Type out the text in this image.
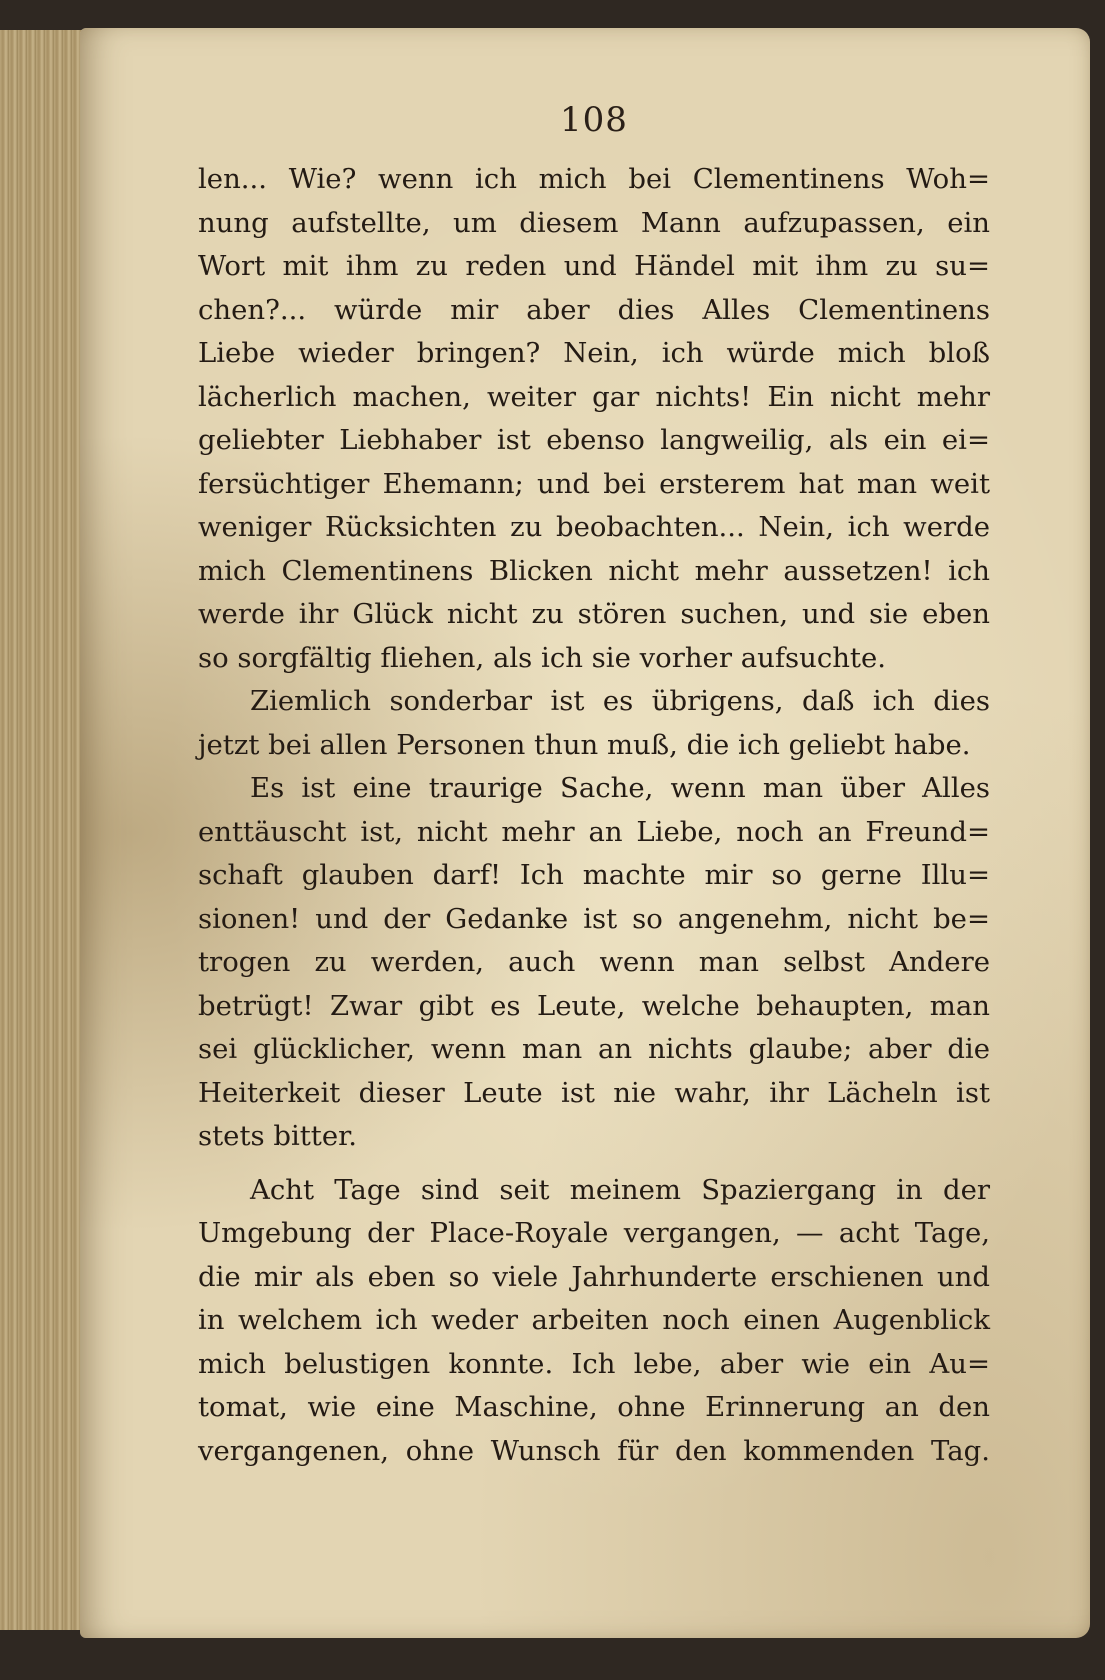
108
len... Wie? wenn ich mich bei Clementinens Woh=
nung aufstellte, um diesem Mann aufzupassen, ein
Wort mit ihm zu reden und Händel mit ihm zu su=
chen?... würde mir aber dies Alles Clementinens
Liebe wieder bringen? Nein, ich würde mich bloß
lächerlich machen, weiter gar nichts! Ein nicht mehr
geliebter Liebhaber ist ebenso langweilig, als ein ei=
fersüchtiger Ehemann; und bei ersterem hat man weit
weniger Rücksichten zu beobachten... Nein, ich werde
mich Clementinens Blicken nicht mehr aussetzen! ich
werde ihr Glück nicht zu stören suchen, und sie eben
so sorgfältig fliehen, als ich sie vorher aufsuchte.
Ziemlich sonderbar ist es übrigens, daß ich dies
jetzt bei allen Personen thun muß, die ich geliebt habe.
Es ist eine traurige Sache, wenn man über Alles
enttäuscht ist, nicht mehr an Liebe, noch an Freund=
schaft glauben darf! Ich machte mir so gerne Illu=
sionen! und der Gedanke ist so angenehm, nicht be=
trogen zu werden, auch wenn man selbst Andere
betrügt! Zwar gibt es Leute, welche behaupten, man
sei glücklicher, wenn man an nichts glaube; aber die
Heiterkeit dieser Leute ist nie wahr, ihr Lächeln ist
stets bitter.
Acht Tage sind seit meinem Spaziergang in der
Umgebung der Place-Royale vergangen, — acht Tage,
die mir als eben so viele Jahrhunderte erschienen und
in welchem ich weder arbeiten noch einen Augenblick
mich belustigen konnte. Ich lebe, aber wie ein Au=
tomat, wie eine Maschine, ohne Erinnerung an den
vergangenen, ohne Wunsch für den kommenden Tag.
